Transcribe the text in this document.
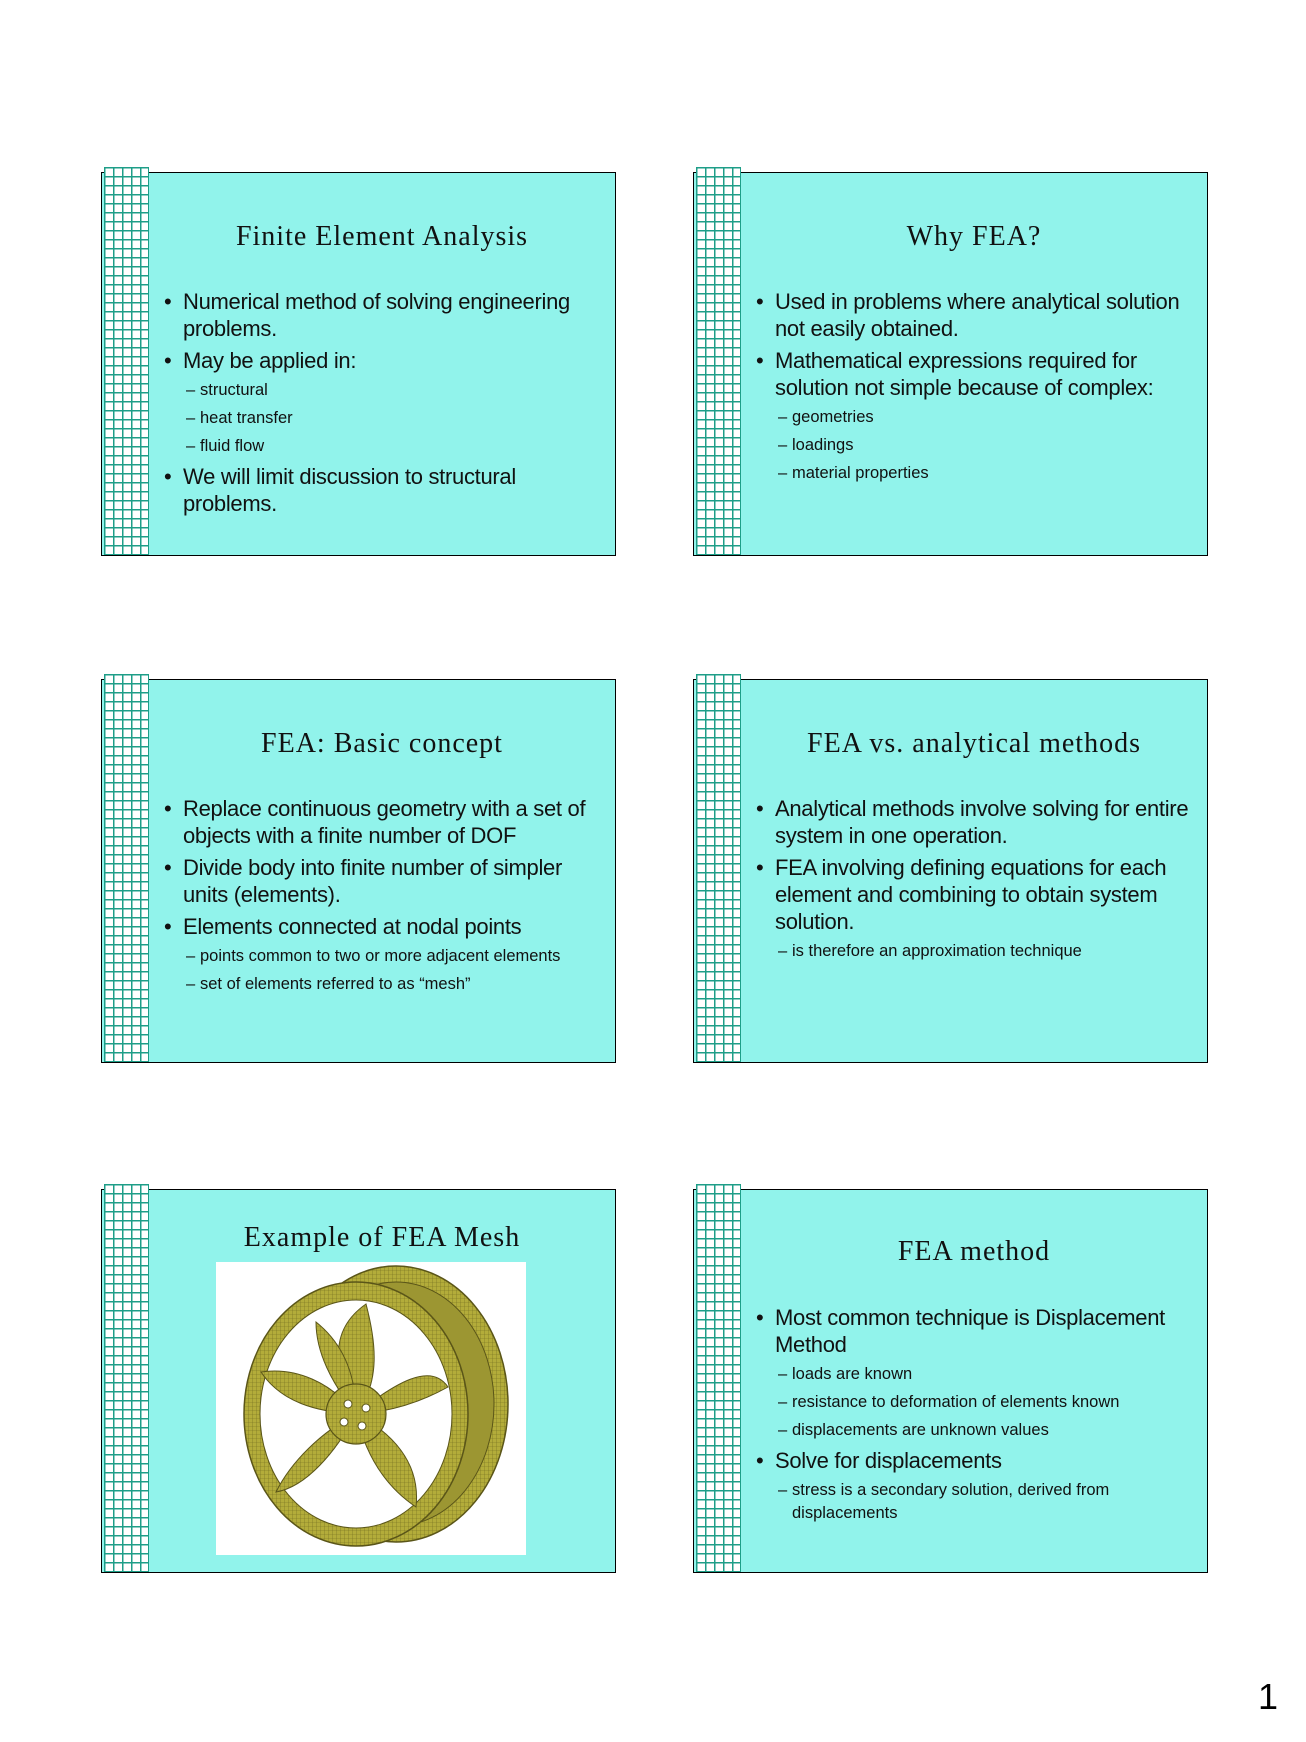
Finite Element Analysis
• Numerical method of solving engineering problems.
• May be applied in:
– structural
– heat transfer
– fluid flow
• We will limit discussion to structural problems.
Why FEA?
• Used in problems where analytical solution not easily obtained.
• Mathematical expressions required for solution not simple because of complex:
– geometries
– loadings
– material properties
FEA: Basic concept
• Replace continuous geometry with a set of objects with a finite number of DOF
• Divide body into finite number of simpler units (elements).
• Elements connected at nodal points
– points common to two or more adjacent elements
– set of elements referred to as “mesh”
FEA vs. analytical methods
• Analytical methods involve solving for entire system in one operation.
• FEA involving defining equations for each element and combining to obtain system solution.
– is therefore an approximation technique
Example of FEA Mesh	FEA method
• Most common technique is Displacement Method
– loads are known
– resistance to deformation of elements known
– displacements are unknown values
• Solve for displacements
– stress is a secondary solution, derived from displacements
1
